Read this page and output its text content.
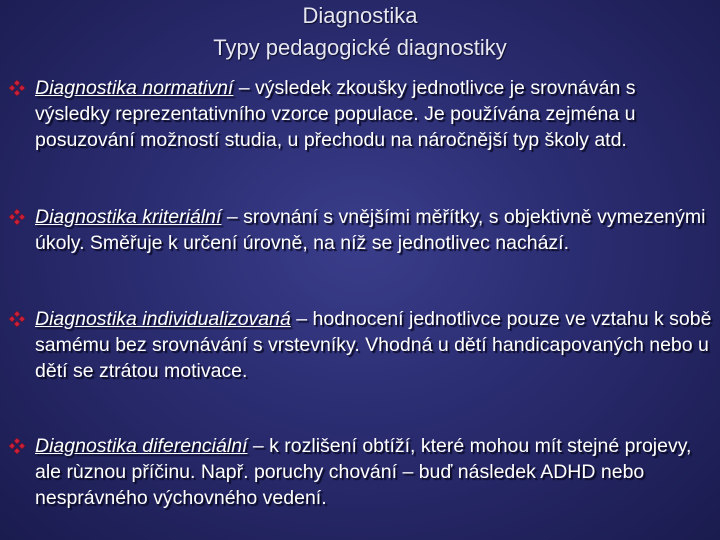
Diagnostika
Typy pedagogické diagnostiky
Diagnostika normativní – výsledek zkoušky jednotlivce je srovnáván s výsledky reprezentativního vzorce populace. Je používána zejména u posuzování možností studia, u přechodu na náročnější typ školy atd.
Diagnostika kriteriální – srovnání s vnějšími měřítky, s objektivně vymezenými úkoly. Směřuje k určení úrovně, na níž se jednotlivec nachází.
Diagnostika individualizovaná – hodnocení jednotlivce pouze ve vztahu k sobě samému bez srovnávání s vrstevníky. Vhodná u dětí handicapovaných nebo u dětí se ztrátou motivace.
Diagnostika diferenciální – k rozlišení obtíží, které mohou mít stejné projevy, ale rùznou příčinu. Např. poruchy chování – buď následek ADHD nebo nesprávného výchovného vedení.
